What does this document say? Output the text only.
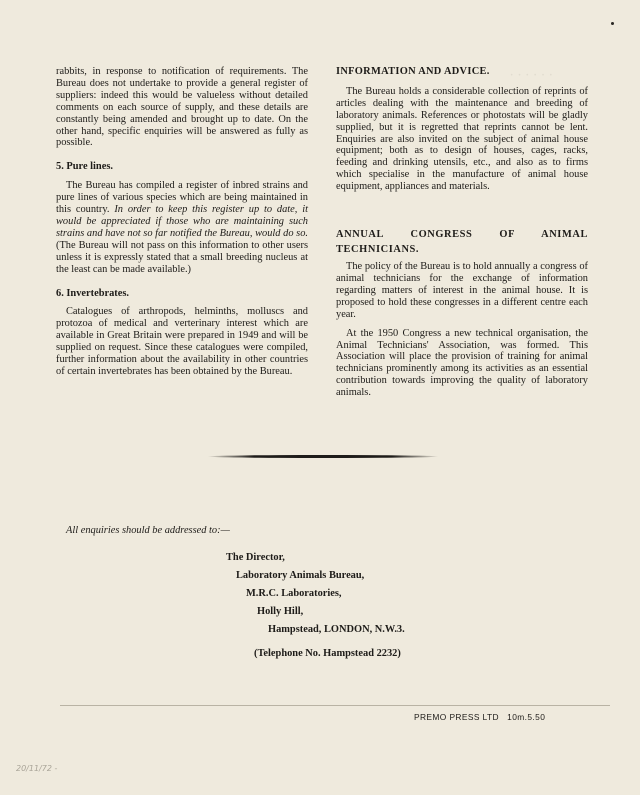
· · · · · ·

rabbits, in response to notification of requirements. The Bureau does not undertake to provide a general register of suppliers: indeed this would be valueless without detailed comments on each source of supply, and these details are constantly being amended and brought up to date. On the other hand, specific enquiries will be answered as fully as possible.

5. Pure lines.

The Bureau has compiled a register of inbred strains and pure lines of various species which are being maintained in this country. In order to keep this register up to date, it would be appreciated if those who are maintaining such strains and have not so far notified the Bureau, would do so. (The Bureau will not pass on this information to other users unless it is expressly stated that a small breeding nucleus at the least can be made available.)

6. Invertebrates.

Catalogues of arthropods, helminths, molluscs and protozoa of medical and verterinary interest which are available in Great Britain were prepared in 1949 and will be supplied on request. Since these catalogues were compiled, further information about the availability in other countries of certain invertebrates has been obtained by the Bureau.

INFORMATION AND ADVICE.

The Bureau holds a considerable collection of reprints of articles dealing with the maintenance and breeding of laboratory animals. References or photostats will be gladly supplied, but it is regretted that reprints cannot be lent. Enquiries are also invited on the subject of animal house equipment; both as to design of houses, cages, racks, feeding and drinking utensils, etc., and also as to firms which specialise in the manufacture of animal house equipment, appliances and materials.

ANNUAL CONGRESS OF ANIMAL TECHNICIANS.

The policy of the Bureau is to hold annually a congress of animal technicians for the exchange of information regarding matters of interest in the animal house. It is proposed to hold these congresses in a different centre each year.

At the 1950 Congress a new technical organisation, the Animal Technicians' Association, was formed. This Association will place the provision of training for animal technicians prominently among its activities as an essential contribution towards improving the quality of laboratory animals.

All enquiries should be addressed to:—
The Director,
Laboratory Animals Bureau,
M.R.C. Laboratories,
Holly Hill,
Hampstead, LONDON, N.W.3.
(Telephone No. Hampstead 2232)
PREMO PRESS LTD 10m.5.50
20/11/72 -
